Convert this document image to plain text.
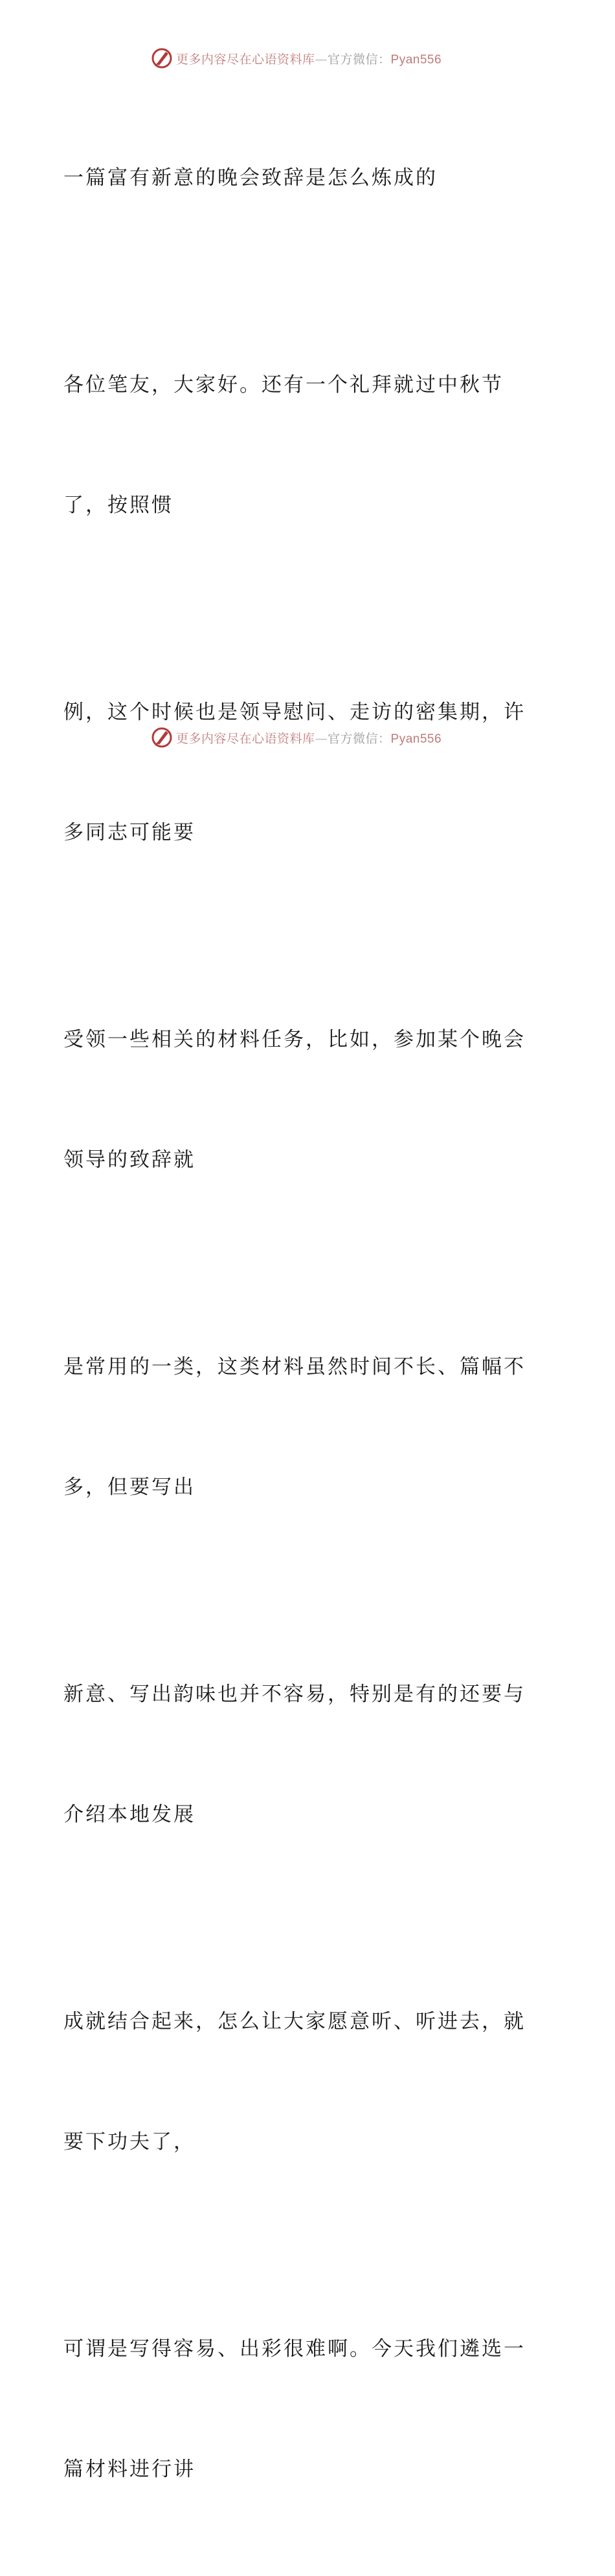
更多内容尽在心语资料库—官方微信：Pyan556

一篇富有新意的晚会致辞是怎么炼成的

各位笔友，大家好。还有一个礼拜就过中秋节

了，按照惯

例，这个时候也是领导慰问、走访的密集期，许

多同志可能要

受领一些相关的材料任务，比如，参加某个晚会

领导的致辞就

是常用的一类，这类材料虽然时间不长、篇幅不

多，但要写出

新意、写出韵味也并不容易，特别是有的还要与

介绍本地发展

成就结合起来，怎么让大家愿意听、听进去，就

要下功夫了，

可谓是写得容易、出彩很难啊。今天我们遴选一

篇材料进行讲

更多内容尽在心语资料库—官方微信：Pyan556
